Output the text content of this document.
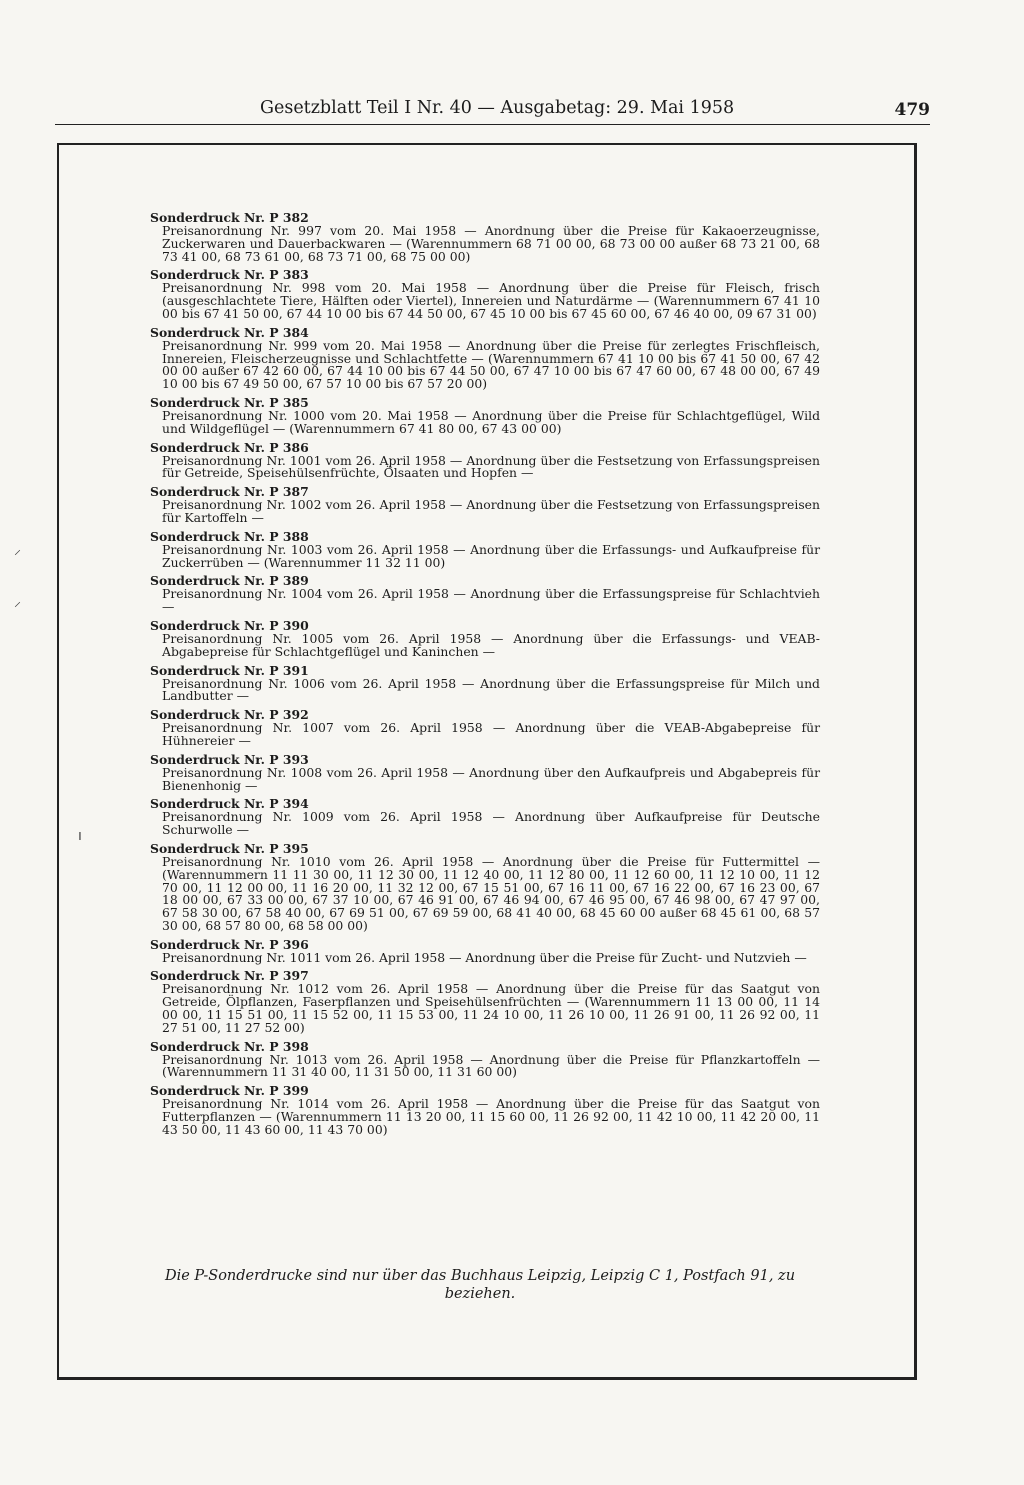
Gesetzblatt Teil I Nr. 40 — Ausgabetag: 29. Mai 1958	479
⸝
⸝
ı
Sonderdruck Nr. P 382
Preisanordnung Nr. 997 vom 20. Mai 1958 — Anordnung über die Preise für Kakaoerzeugnisse, Zuckerwaren und Dauerbackwaren — (Warennummern 68 71 00 00, 68 73 00 00 außer 68 73 21 00, 68 73 41 00, 68 73 61 00, 68 73 71 00, 68 75 00 00)
Sonderdruck Nr. P 383
Preisanordnung Nr. 998 vom 20. Mai 1958 — Anordnung über die Preise für Fleisch, frisch (ausgeschlachtete Tiere, Hälften oder Viertel), Innereien und Naturdärme — (Warennummern 67 41 10 00 bis 67 41 50 00, 67 44 10 00 bis 67 44 50 00, 67 45 10 00 bis 67 45 60 00, 67 46 40 00, 09 67 31 00)
Sonderdruck Nr. P 384
Preisanordnung Nr. 999 vom 20. Mai 1958 — Anordnung über die Preise für zerlegtes Frischfleisch, Innereien, Fleischerzeugnisse und Schlachtfette — (Warennummern 67 41 10 00 bis 67 41 50 00, 67 42 00 00 außer 67 42 60 00, 67 44 10 00 bis 67 44 50 00, 67 47 10 00 bis 67 47 60 00, 67 48 00 00, 67 49 10 00 bis 67 49 50 00, 67 57 10 00 bis 67 57 20 00)
Sonderdruck Nr. P 385
Preisanordnung Nr. 1000 vom 20. Mai 1958 — Anordnung über die Preise für Schlachtgeflügel, Wild und Wildgeflügel — (Warennummern 67 41 80 00, 67 43 00 00)
Sonderdruck Nr. P 386
Preisanordnung Nr. 1001 vom 26. April 1958 — Anordnung über die Festsetzung von Erfassungspreisen für Getreide, Speisehülsenfrüchte, Ölsaaten und Hopfen —
Sonderdruck Nr. P 387
Preisanordnung Nr. 1002 vom 26. April 1958 — Anordnung über die Festsetzung von Erfassungspreisen für Kartoffeln —
Sonderdruck Nr. P 388
Preisanordnung Nr. 1003 vom 26. April 1958 — Anordnung über die Erfassungs- und Aufkaufpreise für Zuckerrüben — (Warennummer 11 32 11 00)
Sonderdruck Nr. P 389
Preisanordnung Nr. 1004 vom 26. April 1958 — Anordnung über die Erfassungspreise für Schlachtvieh —
Sonderdruck Nr. P 390
Preisanordnung Nr. 1005 vom 26. April 1958 — Anordnung über die Erfassungs- und VEAB-Abgabepreise für Schlachtgeflügel und Kaninchen —
Sonderdruck Nr. P 391
Preisanordnung Nr. 1006 vom 26. April 1958 — Anordnung über die Erfassungspreise für Milch und Landbutter —
Sonderdruck Nr. P 392
Preisanordnung Nr. 1007 vom 26. April 1958 — Anordnung über die VEAB-Abgabepreise für Hühnereier —
Sonderdruck Nr. P 393
Preisanordnung Nr. 1008 vom 26. April 1958 — Anordnung über den Aufkaufpreis und Abgabepreis für Bienenhonig —
Sonderdruck Nr. P 394
Preisanordnung Nr. 1009 vom 26. April 1958 — Anordnung über Aufkaufpreise für Deutsche Schurwolle —
Sonderdruck Nr. P 395
Preisanordnung Nr. 1010 vom 26. April 1958 — Anordnung über die Preise für Futtermittel — (Warennummern 11 11 30 00, 11 12 30 00, 11 12 40 00, 11 12 80 00, 11 12 60 00, 11 12 10 00, 11 12 70 00, 11 12 00 00, 11 16 20 00, 11 32 12 00, 67 15 51 00, 67 16 11 00, 67 16 22 00, 67 16 23 00, 67 18 00 00, 67 33 00 00, 67 37 10 00, 67 46 91 00, 67 46 94 00, 67 46 95 00, 67 46 98 00, 67 47 97 00, 67 58 30 00, 67 58 40 00, 67 69 51 00, 67 69 59 00, 68 41 40 00, 68 45 60 00 außer 68 45 61 00, 68 57 30 00, 68 57 80 00, 68 58 00 00)
Sonderdruck Nr. P 396
Preisanordnung Nr. 1011 vom 26. April 1958 — Anordnung über die Preise für Zucht- und Nutzvieh —
Sonderdruck Nr. P 397
Preisanordnung Nr. 1012 vom 26. April 1958 — Anordnung über die Preise für das Saatgut von Getreide, Ölpflanzen, Faserpflanzen und Speisehülsenfrüchten — (Warennummern 11 13 00 00, 11 14 00 00, 11 15 51 00, 11 15 52 00, 11 15 53 00, 11 24 10 00, 11 26 10 00, 11 26 91 00, 11 26 92 00, 11 27 51 00, 11 27 52 00)
Sonderdruck Nr. P 398
Preisanordnung Nr. 1013 vom 26. April 1958 — Anordnung über die Preise für Pflanzkartoffeln — (Warennummern 11 31 40 00, 11 31 50 00, 11 31 60 00)
Sonderdruck Nr. P 399
Preisanordnung Nr. 1014 vom 26. April 1958 — Anordnung über die Preise für das Saatgut von Futterpflanzen — (Warennummern 11 13 20 00, 11 15 60 00, 11 26 92 00, 11 42 10 00, 11 42 20 00, 11 43 50 00, 11 43 60 00, 11 43 70 00)
Die P-Sonderdrucke sind nur über das Buchhaus Leipzig, Leipzig C 1, Postfach 91, zu beziehen.
